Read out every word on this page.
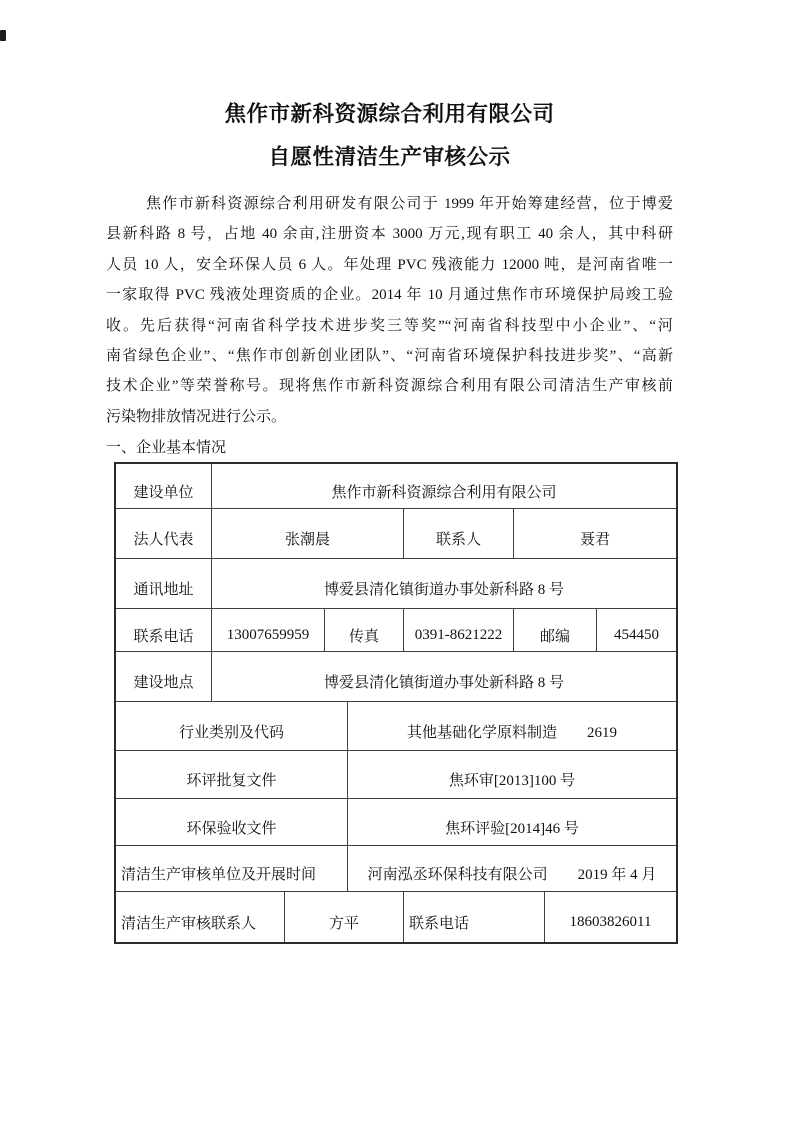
焦作市新科资源综合利用有限公司
自愿性清洁生产审核公示
焦作市新科资源综合利用研发有限公司于 1999 年开始筹建经营，位于博爱
县新科路 8 号，占地 40 余亩,注册资本 3000 万元,现有职工 40 余人，其中科研
人员 10 人，安全环保人员 6 人。年处理 PVC 残液能力 12000 吨，是河南省唯一
一家取得 PVC 残液处理资质的企业。2014 年 10 月通过焦作市环境保护局竣工验
收。先后获得“河南省科学技术进步奖三等奖”“河南省科技型中小企业”、“河
南省绿色企业”、“焦作市创新创业团队”、“河南省环境保护科技进步奖”、“高新
技术企业”等荣誉称号。现将焦作市新科资源综合利用有限公司清洁生产审核前
污染物排放情况进行公示。
一、企业基本情况
建设单位	焦作市新科资源综合利用有限公司
法人代表	张潮晨	联系人	聂君
通讯地址	博爱县清化镇街道办事处新科路 8 号
联系电话	13007659959	传真	0391-8621222	邮编	454450
建设地点	博爱县清化镇街道办事处新科路 8 号
行业类别及代码	其他基础化学原料制造　　2619
环评批复文件	焦环审[2013]100 号
环保验收文件	焦环评验[2014]46 号
清洁生产审核单位及开展时间	河南泓丞环保科技有限公司　　2019 年 4 月
清洁生产审核联系人	方平	联系电话	18603826011
